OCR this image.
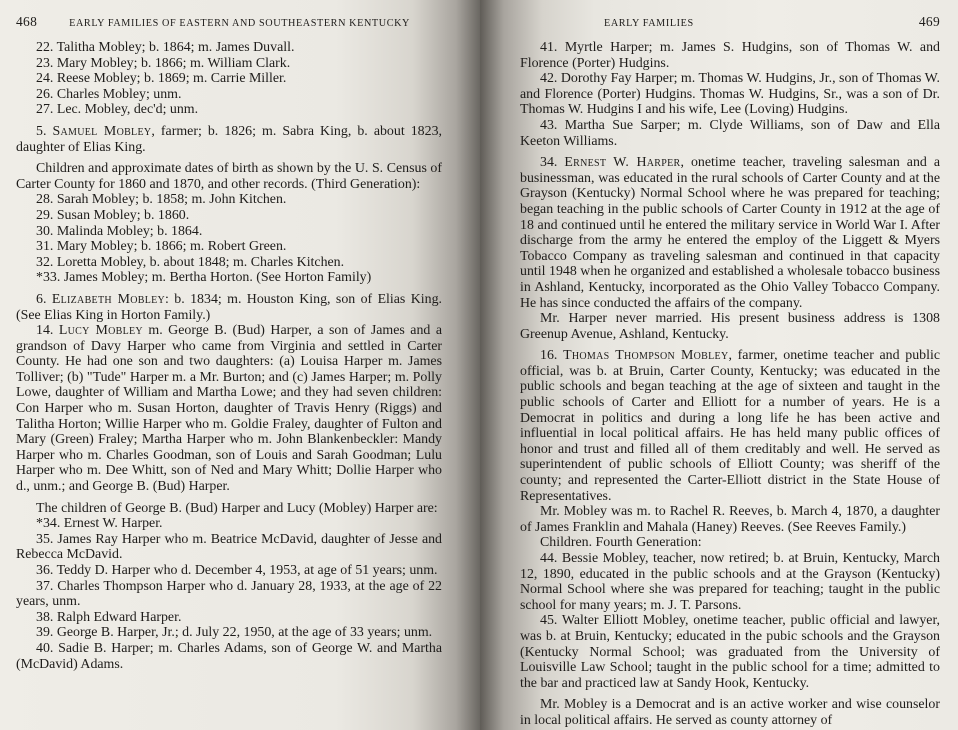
468	EARLY FAMILIES OF EASTERN AND SOUTHEASTERN KENTUCKY

22. Talitha Mobley; b. 1864; m. James Duvall.

23. Mary Mobley; b. 1866; m. William Clark.

24. Reese Mobley; b. 1869; m. Carrie Miller.

26. Charles Mobley; unm.

27. Lec. Mobley, dec'd; unm.

5. Samuel Mobley, farmer; b. 1826; m. Sabra King, b. about 1823, daughter of Elias King.

Children and approximate dates of birth as shown by the U. S. Census of Carter County for 1860 and 1870, and other records. (Third Generation):

28. Sarah Mobley; b. 1858; m. John Kitchen.

29. Susan Mobley; b. 1860.

30. Malinda Mobley; b. 1864.

31. Mary Mobley; b. 1866; m. Robert Green.

32. Loretta Mobley, b. about 1848; m. Charles Kitchen.

*33. James Mobley; m. Bertha Horton. (See Horton Family)

6. Elizabeth Mobley: b. 1834; m. Houston King, son of Elias King. (See Elias King in Horton Family.)

14. Lucy Mobley m. George B. (Bud) Harper, a son of James and a grandson of Davy Harper who came from Virginia and settled in Carter County. He had one son and two daughters: (a) Louisa Harper m. James Tolliver; (b) "Tude" Harper m. a Mr. Burton; and (c) James Harper; m. Polly Lowe, daughter of William and Martha Lowe; and they had seven children: Con Harper who m. Susan Horton, daughter of Travis Henry (Riggs) and Talitha Horton; Willie Harper who m. Goldie Fraley, daughter of Fulton and Mary (Green) Fraley; Martha Harper who m. John Blankenbeckler: Mandy Harper who m. Charles Goodman, son of Louis and Sarah Goodman; Lulu Harper who m. Dee Whitt, son of Ned and Mary Whitt; Dollie Harper who d., unm.; and George B. (Bud) Harper.

The children of George B. (Bud) Harper and Lucy (Mobley) Harper are:

*34. Ernest W. Harper.

35. James Ray Harper who m. Beatrice McDavid, daughter of Jesse and Rebecca McDavid.

36. Teddy D. Harper who d. December 4, 1953, at age of 51 years; unm.

37. Charles Thompson Harper who d. January 28, 1933, at the age of 22 years, unm.

38. Ralph Edward Harper.

39. George B. Harper, Jr.; d. July 22, 1950, at the age of 33 years; unm.

40. Sadie B. Harper; m. Charles Adams, son of George W. and Martha (McDavid) Adams.

EARLY FAMILIES	469

41. Myrtle Harper; m. James S. Hudgins, son of Thomas W. and Florence (Porter) Hudgins.

42. Dorothy Fay Harper; m. Thomas W. Hudgins, Jr., son of Thomas W. and Florence (Porter) Hudgins. Thomas W. Hudgins, Sr., was a son of Dr. Thomas W. Hudgins I and his wife, Lee (Loving) Hudgins.

43. Martha Sue Sarper; m. Clyde Williams, son of Daw and Ella Keeton Williams.

34. Ernest W. Harper, onetime teacher, traveling salesman and a businessman, was educated in the rural schools of Carter County and at the Grayson (Kentucky) Normal School where he was prepared for teaching; began teaching in the public schools of Carter County in 1912 at the age of 18 and continued until he entered the military service in World War I. After discharge from the army he entered the employ of the Liggett & Myers Tobacco Company as traveling salesman and continued in that capacity until 1948 when he organized and established a wholesale tobacco business in Ashland, Kentucky, incorporated as the Ohio Valley Tobacco Company. He has since conducted the affairs of the company.

Mr. Harper never married. His present business address is 1308 Greenup Avenue, Ashland, Kentucky.

16. Thomas Thompson Mobley, farmer, onetime teacher and public official, was b. at Bruin, Carter County, Kentucky; was educated in the public schools and began teaching at the age of sixteen and taught in the public schools of Carter and Elliott for a number of years. He is a Democrat in politics and during a long life he has been active and influential in local political affairs. He has held many public offices of honor and trust and filled all of them creditably and well. He served as superintendent of public schools of Elliott County; was sheriff of the county; and represented the Carter-Elliott district in the State House of Representatives.

Mr. Mobley was m. to Rachel R. Reeves, b. March 4, 1870, a daughter of James Franklin and Mahala (Haney) Reeves. (See Reeves Family.)

Children. Fourth Generation:

44. Bessie Mobley, teacher, now retired; b. at Bruin, Kentucky, March 12, 1890, educated in the public schools and at the Grayson (Kentucky) Normal School where she was prepared for teaching; taught in the public school for many years; m. J. T. Parsons.

45. Walter Elliott Mobley, onetime teacher, public official and lawyer, was b. at Bruin, Kentucky; educated in the pubic schools and the Grayson (Kentucky Normal School; was graduated from the University of Louisville Law School; taught in the public school for a time; admitted to the bar and practiced law at Sandy Hook, Kentucky.

Mr. Mobley is a Democrat and is an active worker and wise counselor in local political affairs. He served as county attorney of
